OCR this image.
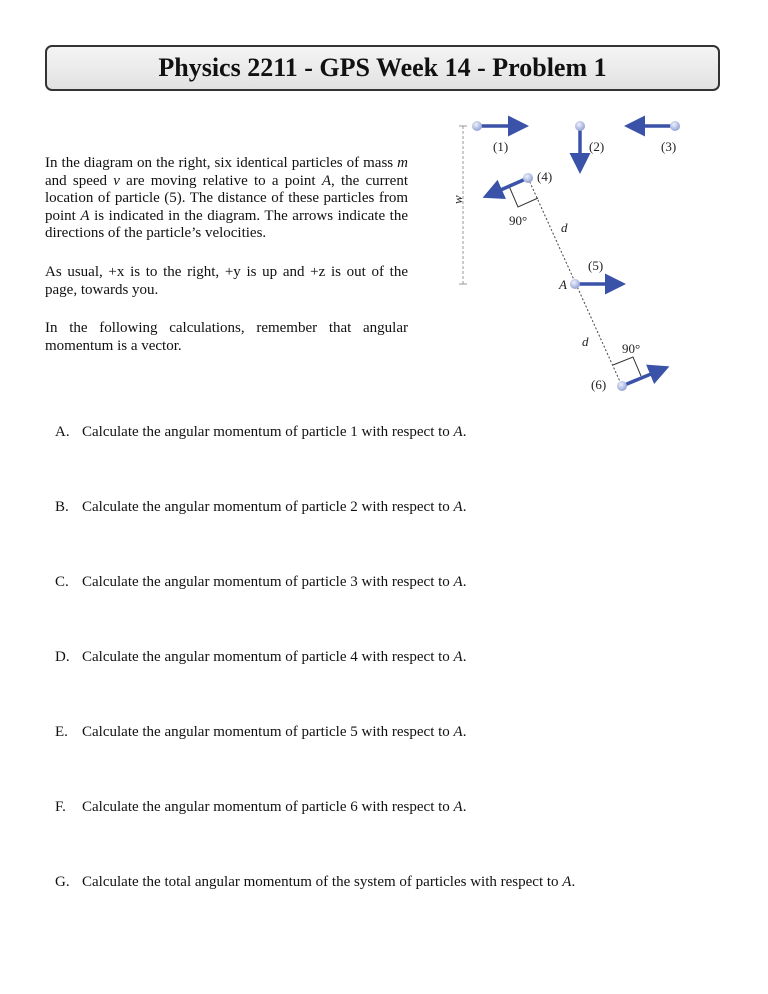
Physics 2211 - GPS Week 14 - Problem 1
In the diagram on the right, six identical particles of mass m and speed v are moving relative to a point A, the current location of particle (5). The distance of these particles from point A is indicated in the diagram. The arrows indicate the directions of the particle’s velocities.
As usual, +x is to the right, +y is up and +z is out of the page, towards you.
In the following calculations, remember that angular momentum is a vector.
w
(1)	(2)	(3)
(4)
(5)
(6)
90°
90°
d
d
A
A. Calculate the angular momentum of particle 1 with respect to A.
B. Calculate the angular momentum of particle 2 with respect to A.
C. Calculate the angular momentum of particle 3 with respect to A.
D. Calculate the angular momentum of particle 4 with respect to A.
E. Calculate the angular momentum of particle 5 with respect to A.
F. Calculate the angular momentum of particle 6 with respect to A.
G. Calculate the total angular momentum of the system of particles with respect to A.
